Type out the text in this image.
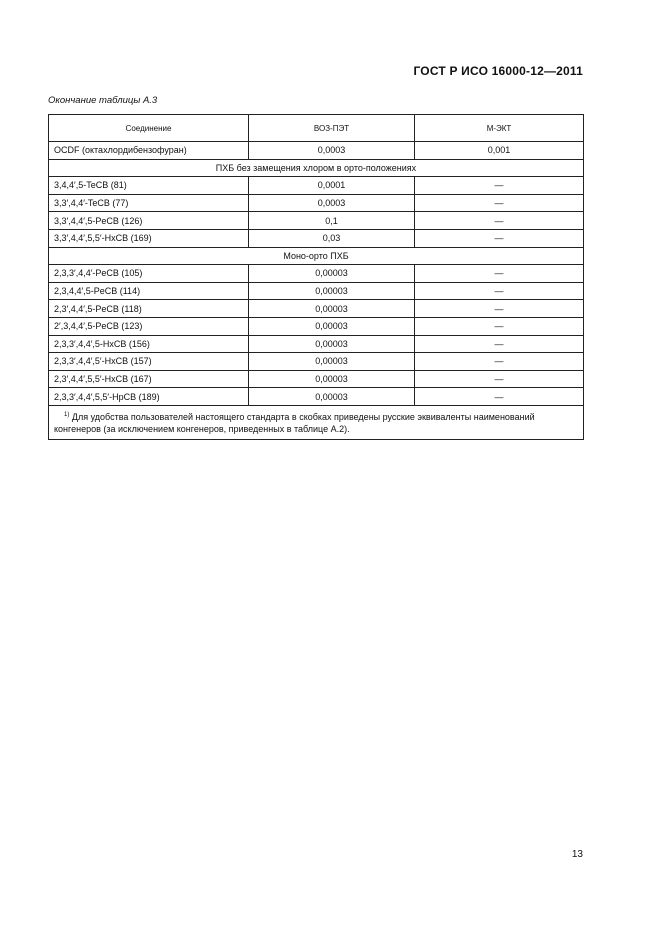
ГОСТ Р ИСО 16000-12—2011
Окончание таблицы А.3
Соединение	ВОЗ-ПЭТ	М-ЭКТ
OCDF (октахлордибензофуран)	0,0003	0,001
ПХБ без замещения хлором в орто-положениях		
3,4,4′,5-TeCB (81)	0,0001	—
3,3′,4,4′-TeCB (77)	0,0003	—
3,3′,4,4′,5-PeCB (126)	0,1	—
3,3′,4,4′,5,5′-HxCB (169)	0,03	—
Моно-орто ПХБ		
2,3,3′,4,4′-PeCB (105)	0,00003	—
2,3,4,4′,5-PeCB (114)	0,00003	—
2,3′,4,4′,5-PeCB (118)	0,00003	—
2′,3,4,4′,5-PeCB (123)	0,00003	—
2,3,3′,4,4′,5-HxCB (156)	0,00003	—
2,3,3′,4,4′,5′-HxCB (157)	0,00003	—
2,3′,4,4′,5,5′-HxCB (167)	0,00003	—
2,3,3′,4,4′,5,5′-HpCB (189)	0,00003	—
$^{1)}$ Для удобства пользователей настоящего стандарта в скобках приведены русские эквиваленты наименований конгенеров (за исключением конгенеров, приведенных в таблице А.2).		
13
